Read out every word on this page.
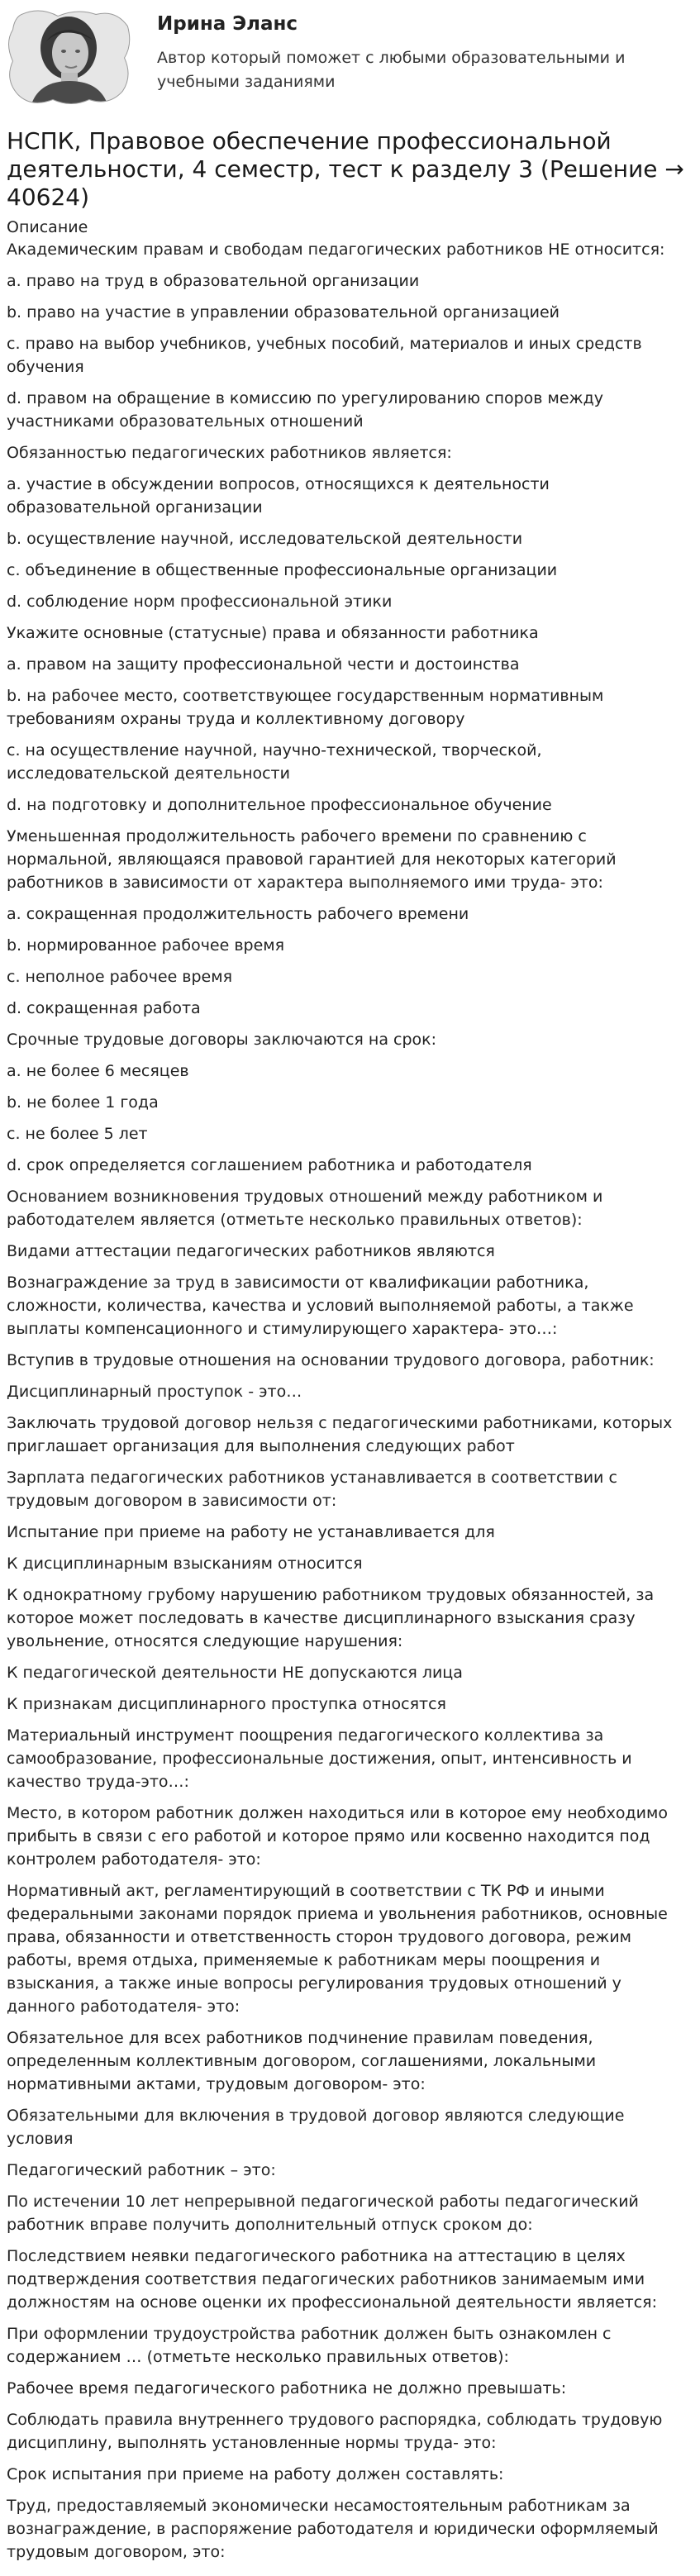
Ирина Эланс
Автор который поможет с любыми образовательными и учебными заданиями
НСПК, Правовое обеспечение профессиональной деятельности, 4 семестр, тест к разделу 3 (Решение → 40624)

Описание

Академическим правам и свободам педагогических работников НЕ относится:

a. право на труд в образовательной организации

b. право на участие в управлении образовательной организацией

c. право на выбор учебников, учебных пособий, материалов и иных средств обучения

d. правом на обращение в комиссию по урегулированию споров между участниками образовательных отношений

Обязанностью педагогических работников является:

a. участие в обсуждении вопросов, относящихся к деятельности образовательной организации

b. осуществление научной, исследовательской деятельности

c. объединение в общественные профессиональные организации

d. соблюдение норм профессиональной этики

Укажите основные (статусные) права и обязанности работника

a. правом на защиту профессиональной чести и достоинства

b. на рабочее место, соответствующее государственным нормативным требованиям охраны труда и коллективному договору

c. на осуществление научной, научно-технической, творческой, исследовательской деятельности

d. на подготовку и дополнительное профессиональное обучение

Уменьшенная продолжительность рабочего времени по сравнению с нормальной, являющаяся правовой гарантией для некоторых категорий работников в зависимости от характера выполняемого ими труда- это:

a. сокращенная продолжительность рабочего времени

b. нормированное рабочее время

c. неполное рабочее время

d. сокращенная работа

Срочные трудовые договоры заключаются на срок:

a. не более 6 месяцев

b. не более 1 года

c. не более 5 лет

d. срок определяется соглашением работника и работодателя

Основанием возникновения трудовых отношений между работником и работодателем является (отметьте несколько правильных ответов):

Видами аттестации педагогических работников являются

Вознаграждение за труд в зависимости от квалификации работника, сложности, количества, качества и условий выполняемой работы, а также выплаты компенсационного и стимулирующего характера- это…:

Вступив в трудовые отношения на основании трудового договора, работник:

Дисциплинарный проступок - это…

Заключать трудовой договор нельзя с педагогическими работниками, которых приглашает организация для выполнения следующих работ

Зарплата педагогических работников устанавливается в соответствии с трудовым договором в зависимости от:

Испытание при приеме на работу не устанавливается для

К дисциплинарным взысканиям относится

К однократному грубому нарушению работником трудовых обязанностей, за которое может последовать в качестве дисциплинарного взыскания сразу увольнение, относятся следующие нарушения:

К педагогической деятельности НЕ допускаются лица

К признакам дисциплинарного проступка относятся

Материальный инструмент поощрения педагогического коллектива за самообразование, профессиональные достижения, опыт, интенсивность и качество труда-это…:

Место, в котором работник должен находиться или в которое ему необходимо прибыть в связи с его работой и которое прямо или косвенно находится под контролем работодателя- это:

Нормативный акт, регламентирующий в соответствии с ТК РФ и иными федеральными законами порядок приема и увольнения работников, основные права, обязанности и ответственность сторон трудового договора, режим работы, время отдыха, применяемые к работникам меры поощрения и взыскания, а также иные вопросы регулирования трудовых отношений у данного работодателя- это:

Обязательное для всех работников подчинение правилам поведения, определенным коллективным договором, соглашениями, локальными нормативными актами, трудовым договором- это:

Обязательными для включения в трудовой договор являются следующие условия

Педагогический работник – это:

По истечении 10 лет непрерывной педагогической работы педагогический работник вправе получить дополнительный отпуск сроком до:

Последствием неявки педагогического работника на аттестацию в целях подтверждения соответствия педагогических работников занимаемым ими должностям на основе оценки их профессиональной деятельности является:

При оформлении трудоустройства работник должен быть ознакомлен с содержанием … (отметьте несколько правильных ответов):

Рабочее время педагогического работника не должно превышать:

Соблюдать правила внутреннего трудового распорядка, соблюдать трудовую дисциплину, выполнять установленные нормы труда- это:

Срок испытания при приеме на работу должен составлять:

Труд, предоставляемый экономически несамостоятельным работникам за вознаграждение, в распоряжение работодателя и юридически оформляемый трудовым договором, это:
